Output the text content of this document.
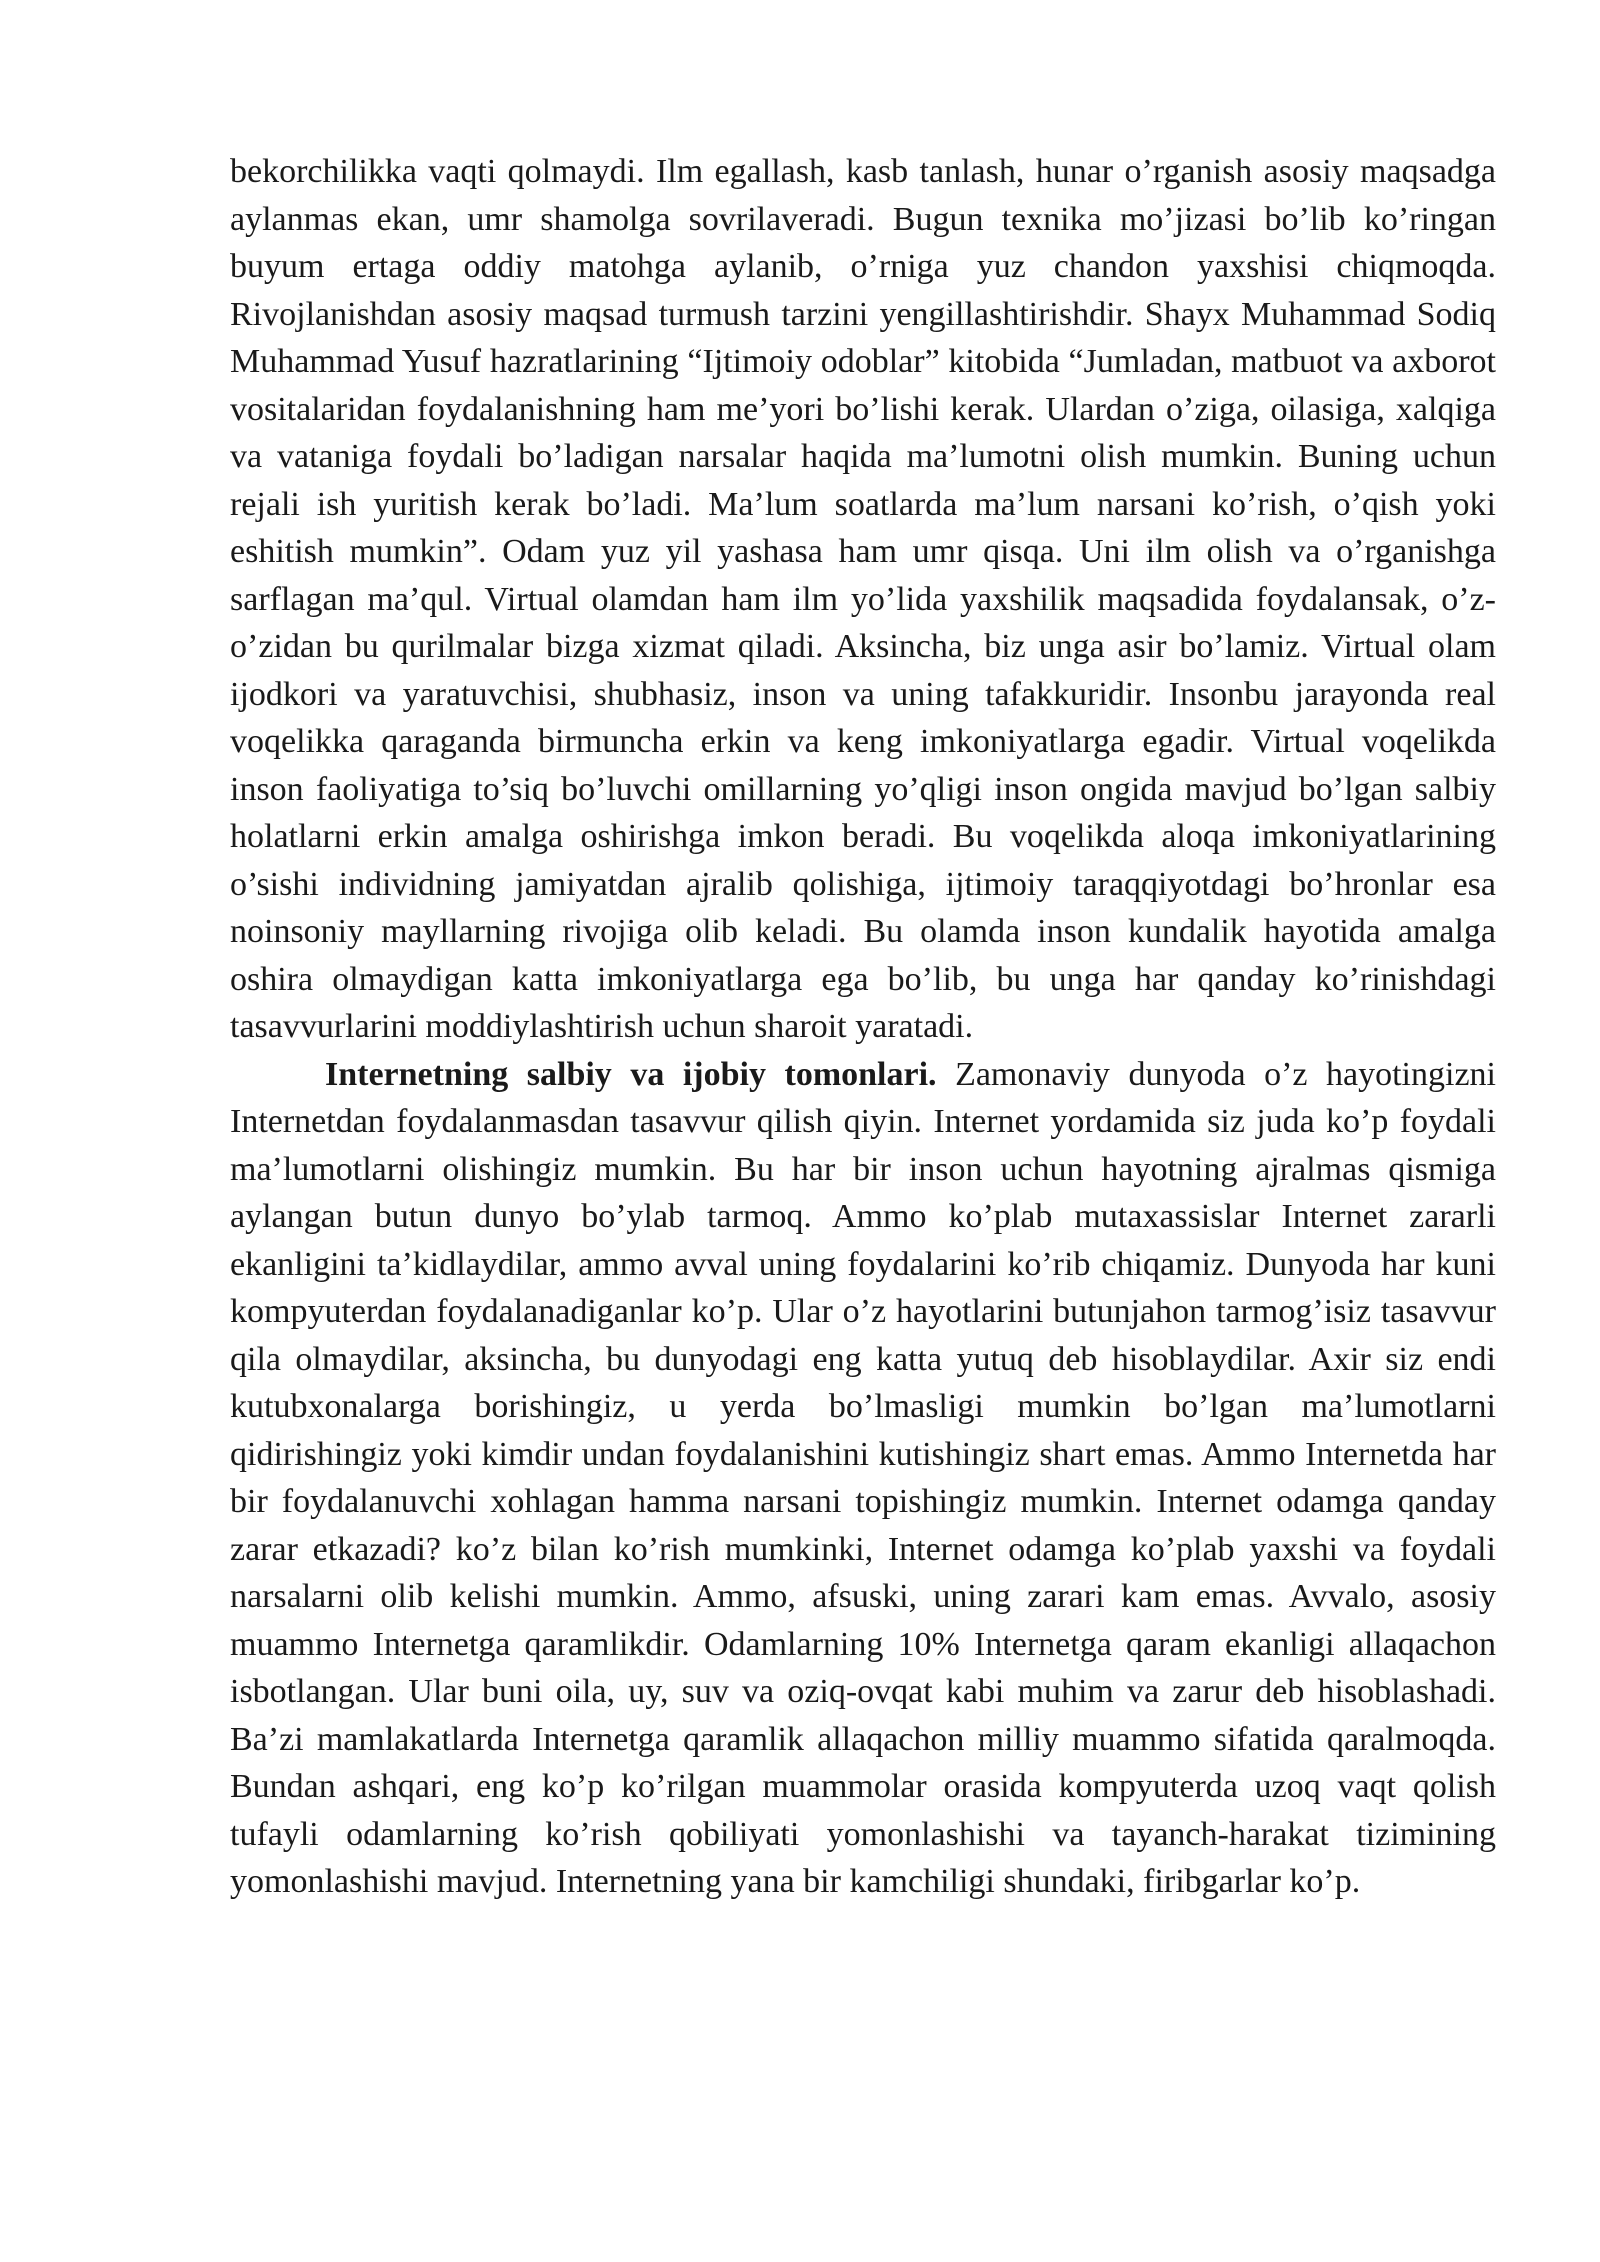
bekorchilikka vaqti qolmaydi. Ilm egallash, kasb tanlash, hunar o’rganish asosiy maqsadga aylanmas ekan, umr shamolga sovrilaveradi. Bugun texnika mo’jizasi bo’lib ko’ringan buyum ertaga oddiy matohga aylanib, o’rniga yuz chandon yaxshisi chiqmoqda. Rivojlanishdan asosiy maqsad turmush tarzini yengillashtirishdir. Shayx Muhammad Sodiq Muhammad Yusuf hazratlarining “Ijtimoiy odoblar” kitobida “Jumladan, matbuot va axborot vositalaridan foydalanishning ham me’yori bo’lishi kerak. Ulardan o’ziga, oilasiga, xalqiga va vataniga foydali bo’ladigan narsalar haqida ma’lumotni olish mumkin. Buning uchun rejali ish yuritish kerak bo’ladi. Ma’lum soatlarda ma’lum narsani ko’rish, o’qish yoki eshitish mumkin”. Odam yuz yil yashasa ham umr qisqa. Uni ilm olish va o’rganishga sarflagan ma’qul. Virtual olamdan ham ilm yo’lida yaxshilik maqsadida foydalansak, o’z-o’zidan bu qurilmalar bizga xizmat qiladi. Aksincha, biz unga asir bo’lamiz. Virtual olam ijodkori va yaratuvchisi, shubhasiz, inson va uning tafakkuridir. Insonbu jarayonda real voqelikka qaraganda birmuncha erkin va keng imkoniyatlarga egadir. Virtual voqelikda inson faoliyatiga to’siq bo’luvchi omillarning yo’qligi inson ongida mavjud bo’lgan salbiy holatlarni erkin amalga oshirishga imkon beradi. Bu voqelikda aloqa imkoniyatlarining o’sishi individning jamiyatdan ajralib qolishiga, ijtimoiy taraqqiyotdagi bo’hronlar esa noinsoniy mayllarning rivojiga olib keladi. Bu olamda inson kundalik hayotida amalga oshira olmaydigan katta imkoniyatlarga ega bo’lib, bu unga har qanday ko’rinishdagi tasavvurlarini moddiylashtirish uchun sharoit yaratadi.

Internetning salbiy va ijobiy tomonlari. Zamonaviy dunyoda o’z hayotingizni Internetdan foydalanmasdan tasavvur qilish qiyin. Internet yordamida siz juda ko’p foydali ma’lumotlarni olishingiz mumkin. Bu har bir inson uchun hayotning ajralmas qismiga aylangan butun dunyo bo’ylab tarmoq. Ammo ko’plab mutaxassislar Internet zararli ekanligini ta’kidlaydilar, ammo avval uning foydalarini ko’rib chiqamiz. Dunyoda har kuni kompyuterdan foydalanadiganlar ko’p. Ular o’z hayotlarini butunjahon tarmog’isiz tasavvur qila olmaydilar, aksincha, bu dunyodagi eng katta yutuq deb hisoblaydilar. Axir siz endi kutubxonalarga borishingiz, u yerda bo’lmasligi mumkin bo’lgan ma’lumotlarni qidirishingiz yoki kimdir undan foydalanishini kutishingiz shart emas. Ammo Internetda har bir foydalanuvchi xohlagan hamma narsani topishingiz mumkin. Internet odamga qanday zarar etkazadi? ko’z bilan ko’rish mumkinki, Internet odamga ko’plab yaxshi va foydali narsalarni olib kelishi mumkin. Ammo, afsuski, uning zarari kam emas. Avvalo, asosiy muammo Internetga qaramlikdir. Odamlarning 10% Internetga qaram ekanligi allaqachon isbotlangan. Ular buni oila, uy, suv va oziq-ovqat kabi muhim va zarur deb hisoblashadi. Ba’zi mamlakatlarda Internetga qaramlik allaqachon milliy muammo sifatida qaralmoqda. Bundan ashqari, eng ko’p ko’rilgan muammolar orasida kompyuterda uzoq vaqt qolish tufayli odamlarning ko’rish qobiliyati yomonlashishi va tayanch-harakat tizimining yomonlashishi mavjud. Internetning yana bir kamchiligi shundaki, firibgarlar ko’p.
